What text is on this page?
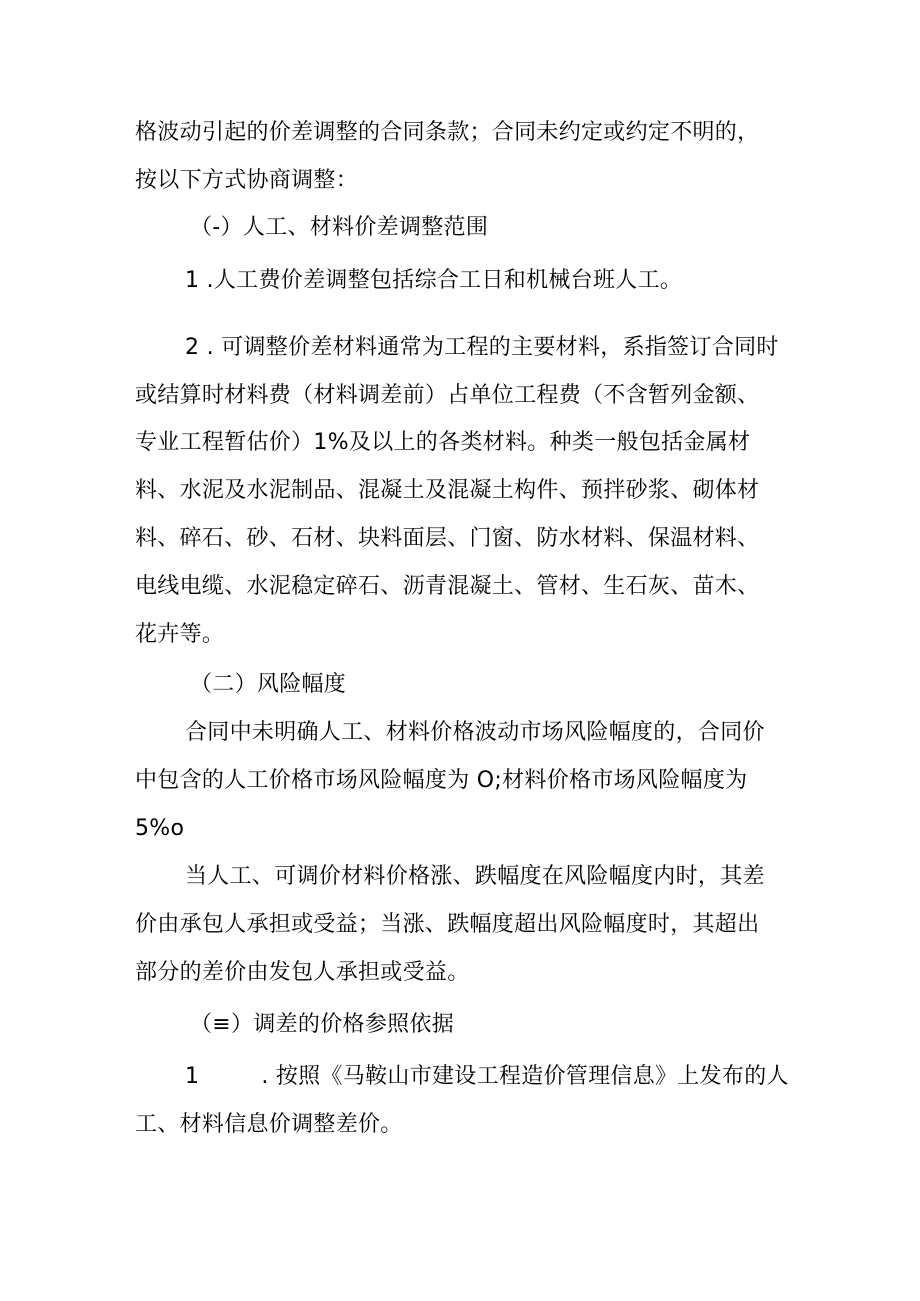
格波动引起的价差调整的合同条款；合同未约定或约定不明的，
按以下方式协商调整：
（-）人工、材料价差调整范围
1 .人工费价差调整包括综合工日和机械台班人工。
2 . 可调整价差材料通常为工程的主要材料，系指签订合同时
或结算时材料费（材料调差前）占单位工程费（不含暂列金额、
专业工程暂估价）1%及以上的各类材料。种类一般包括金属材
料、水泥及水泥制品、混凝土及混凝土构件、预拌砂浆、砌体材
料、碎石、砂、石材、块料面层、门窗、防水材料、保温材料、
电线电缆、水泥稳定碎石、沥青混凝土、管材、生石灰、苗木、
花卉等。
（二）风险幅度
合同中未明确人工、材料价格波动市场风险幅度的，合同价
中包含的人工价格市场风险幅度为 O;材料价格市场风险幅度为
5%o
当人工、可调价材料价格涨、跌幅度在风险幅度内时，其差
价由承包人承担或受益；当涨、跌幅度超出风险幅度时，其超出
部分的差价由发包人承担或受益。
（≡）调差的价格参照依据
1	. 按照《马鞍山市建设工程造价管理信息》上发布的人
工、材料信息价调整差价。
